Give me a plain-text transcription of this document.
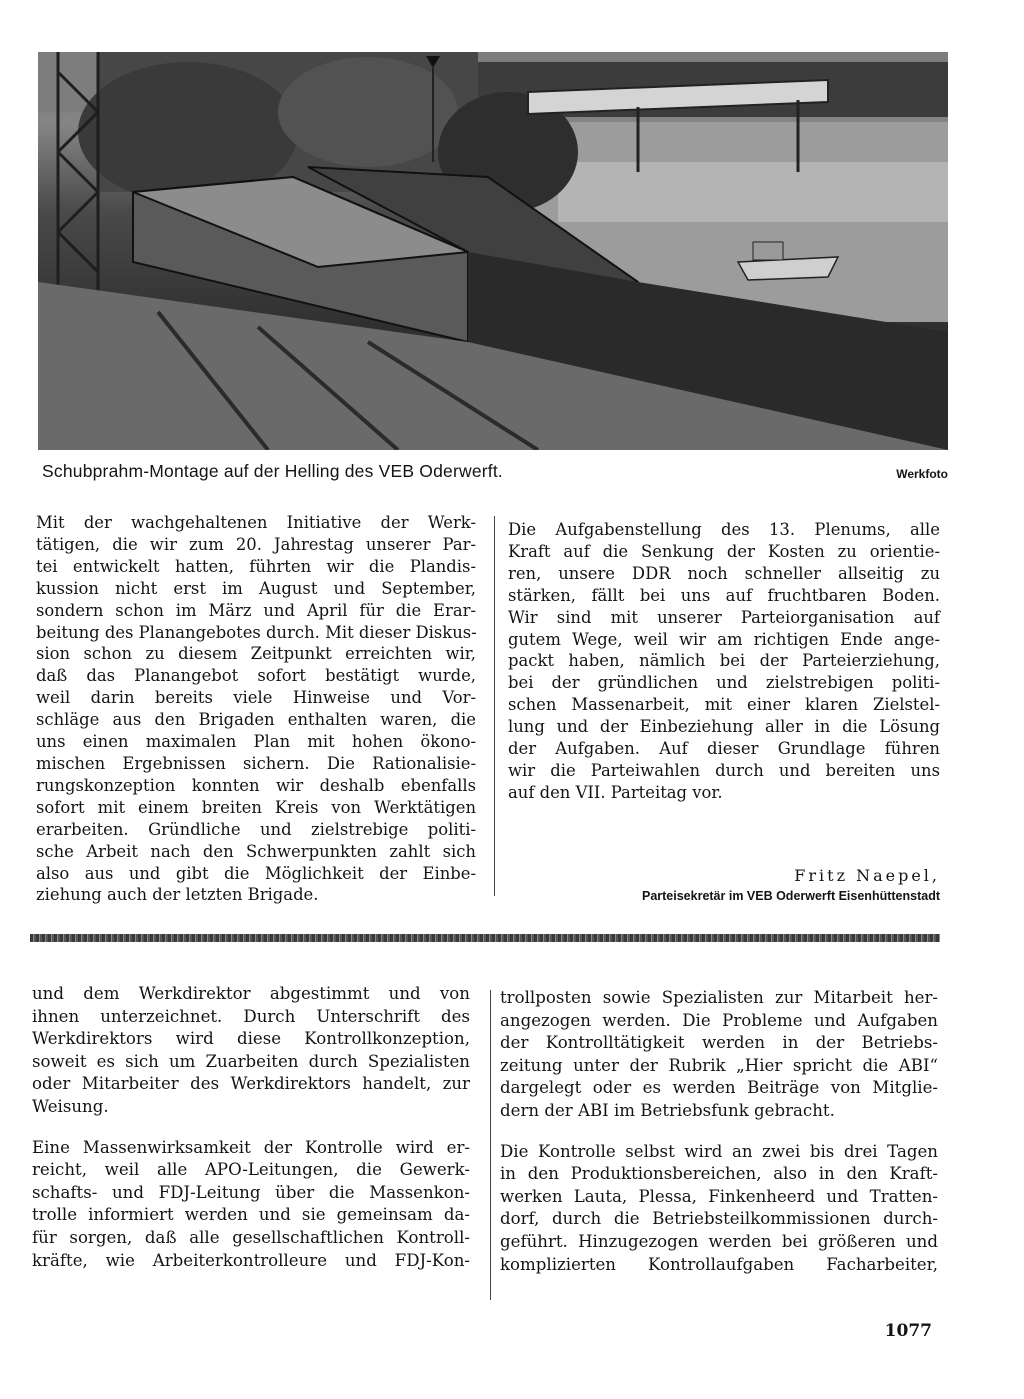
Schubprahm-Montage auf der Helling des VEB Oderwerft.	Werkfoto
Mit der wachgehaltenen Initiative der Werk-
tätigen, die wir zum 20. Jahrestag unserer Par-
tei entwickelt hatten, führten wir die Plandis-
kussion nicht erst im August und September,
sondern schon im März und April für die Erar-
beitung des Planangebotes durch. Mit dieser Diskus-
sion schon zu diesem Zeitpunkt erreichten wir,
daß das Planangebot sofort bestätigt wurde,
weil darin bereits viele Hinweise und Vor-
schläge aus den Brigaden enthalten waren, die
uns einen maximalen Plan mit hohen ökono-
mischen Ergebnissen sichern. Die Rationalisie-
rungskonzeption konnten wir deshalb ebenfalls
sofort mit einem breiten Kreis von Werktätigen
erarbeiten. Gründliche und zielstrebige politi-
sche Arbeit nach den Schwerpunkten zahlt sich
also aus und gibt die Möglichkeit der Einbe-
ziehung auch der letzten Brigade.
Die Aufgabenstellung des 13. Plenums, alle
Kraft auf die Senkung der Kosten zu orientie-
ren, unsere DDR noch schneller allseitig zu
stärken, fällt bei uns auf fruchtbaren Boden.
Wir sind mit unserer Parteiorganisation auf
gutem Wege, weil wir am richtigen Ende ange-
packt haben, nämlich bei der Parteierziehung,
bei der gründlichen und zielstrebigen politi-
schen Massenarbeit, mit einer klaren Zielstel-
lung und der Einbeziehung aller in die Lösung
der Aufgaben. Auf dieser Grundlage führen
wir die Parteiwahlen durch und bereiten uns
auf den VII. Parteitag vor.
Fritz Naepel,
Parteisekretär im VEB Oderwerft Eisenhüttenstadt
und dem Werkdirektor abgestimmt und von
ihnen unterzeichnet. Durch Unterschrift des
Werkdirektors wird diese Kontrollkonzeption,
soweit es sich um Zuarbeiten durch Spezialisten
oder Mitarbeiter des Werkdirektors handelt, zur
Weisung.
Eine Massenwirksamkeit der Kontrolle wird er-
reicht, weil alle APO-Leitungen, die Gewerk-
schafts- und FDJ-Leitung über die Massenkon-
trolle informiert werden und sie gemeinsam da-
für sorgen, daß alle gesellschaftlichen Kontroll-
kräfte, wie Arbeiterkontrolleure und FDJ-Kon-
trollposten sowie Spezialisten zur Mitarbeit her-
angezogen werden. Die Probleme und Aufgaben
der Kontrolltätigkeit werden in der Betriebs-
zeitung unter der Rubrik „Hier spricht die ABI“
dargelegt oder es werden Beiträge von Mitglie-
dern der ABI im Betriebsfunk gebracht.
Die Kontrolle selbst wird an zwei bis drei Tagen
in den Produktionsbereichen, also in den Kraft-
werken Lauta, Plessa, Finkenheerd und Tratten-
dorf, durch die Betriebsteilkommissionen durch-
geführt. Hinzugezogen werden bei größeren und
komplizierten Kontrollaufgaben Facharbeiter,
1077
